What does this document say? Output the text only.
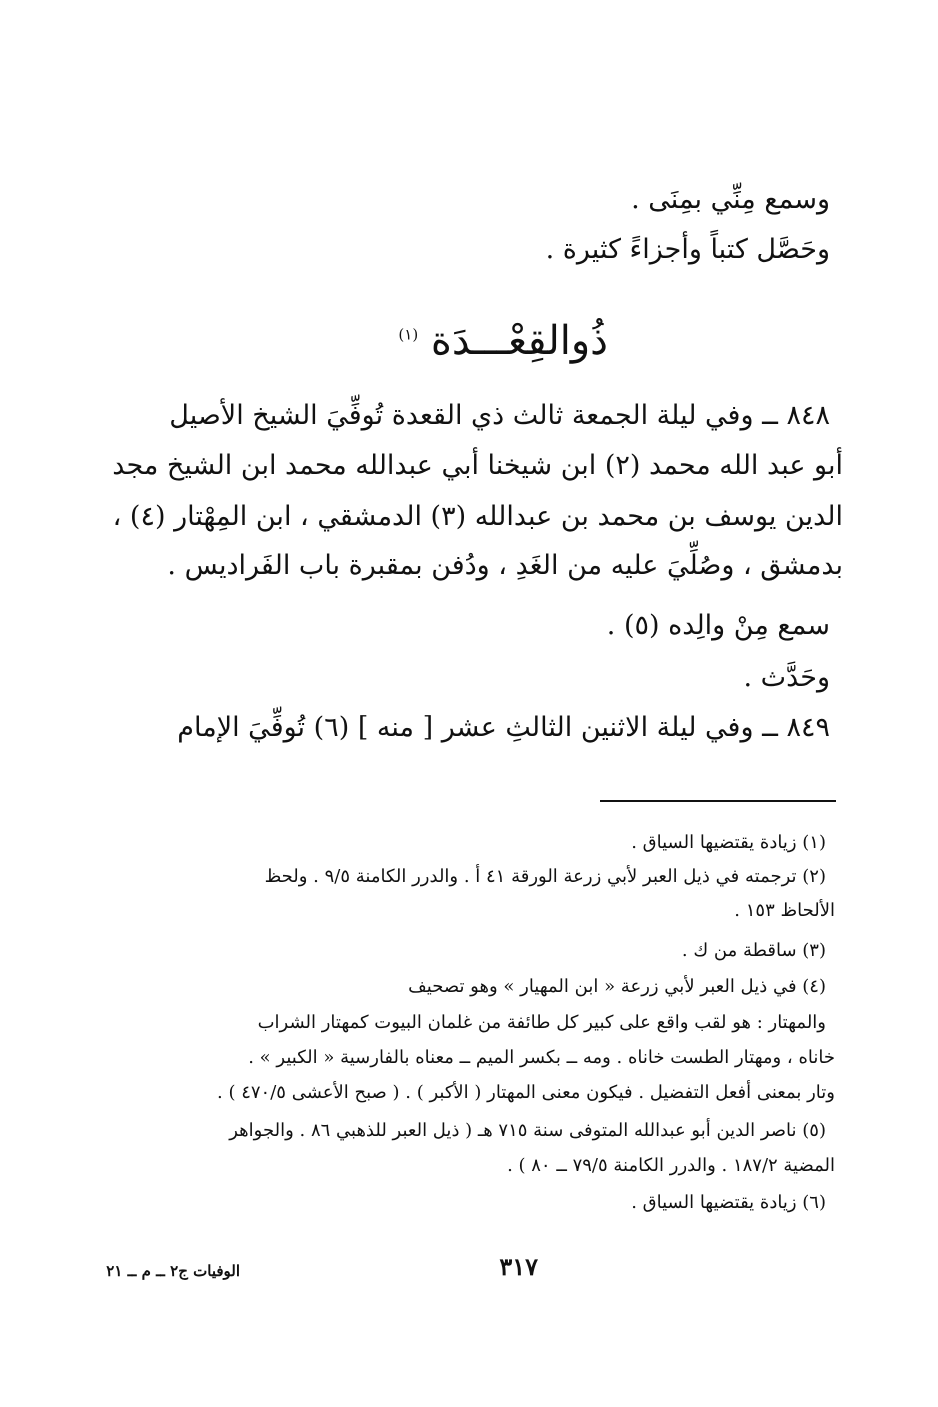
وسمع مِنِّي بمِنَى .
وحَصَّل كتباً وأجزاءً كثيرة .
ذُوالقِعْـــدَة $^{(١)}$
٨٤٨ ــ وفي ليلة الجمعة ثالث ذي القعدة تُوفِّيَ الشيخ الأصيل
أبو عبد الله محمد (٢) ابن شيخنا أبي عبدالله محمد ابن الشيخ مجد
الدين يوسف بن محمد بن عبدالله (٣) الدمشقي ، ابن المِهْتار (٤) ،
بدمشق ، وصُلِّيَ عليه من الغَدِ ، ودُفن بمقبرة باب الفَراديس .
سمع مِنْ والِده (٥) .
وحَدَّث .
٨٤٩ ــ وفي ليلة الاثنين الثالثِ عشر [ منه ] (٦) تُوفِّيَ الإمام
(١) زيادة يقتضيها السياق .
(٢) ترجمته في ذيل العبر لأبي زرعة الورقة ٤١ أ . والدرر الكامنة ٩/٥ . ولحظ
الألحاظ ١٥٣ .
(٣) ساقطة من ك .
(٤) في ذيل العبر لأبي زرعة « ابن المهيار » وهو تصحيف
والمهتار : هو لقب واقع على كبير كل طائفة من غلمان البيوت كمهتار الشراب
خاناه ، ومهتار الطست خاناه . ومه ــ بكسر الميم ــ معناه بالفارسية « الكبير » .
وتار بمعنى أفعل التفضيل . فيكون معنى المهتار ( الأكبر ) . ( صبح الأعشى ٤٧٠/٥ ) .
(٥) ناصر الدين أبو عبدالله المتوفى سنة ٧١٥ هـ ( ذيل العبر للذهبي ٨٦ . والجواهر
المضية ١٨٧/٢ . والدرر الكامنة ٧٩/٥ ــ ٨٠ ) .
(٦) زيادة يقتضيها السياق .
٣١٧
الوفيات ج٢ ــ م ــ ٢١
